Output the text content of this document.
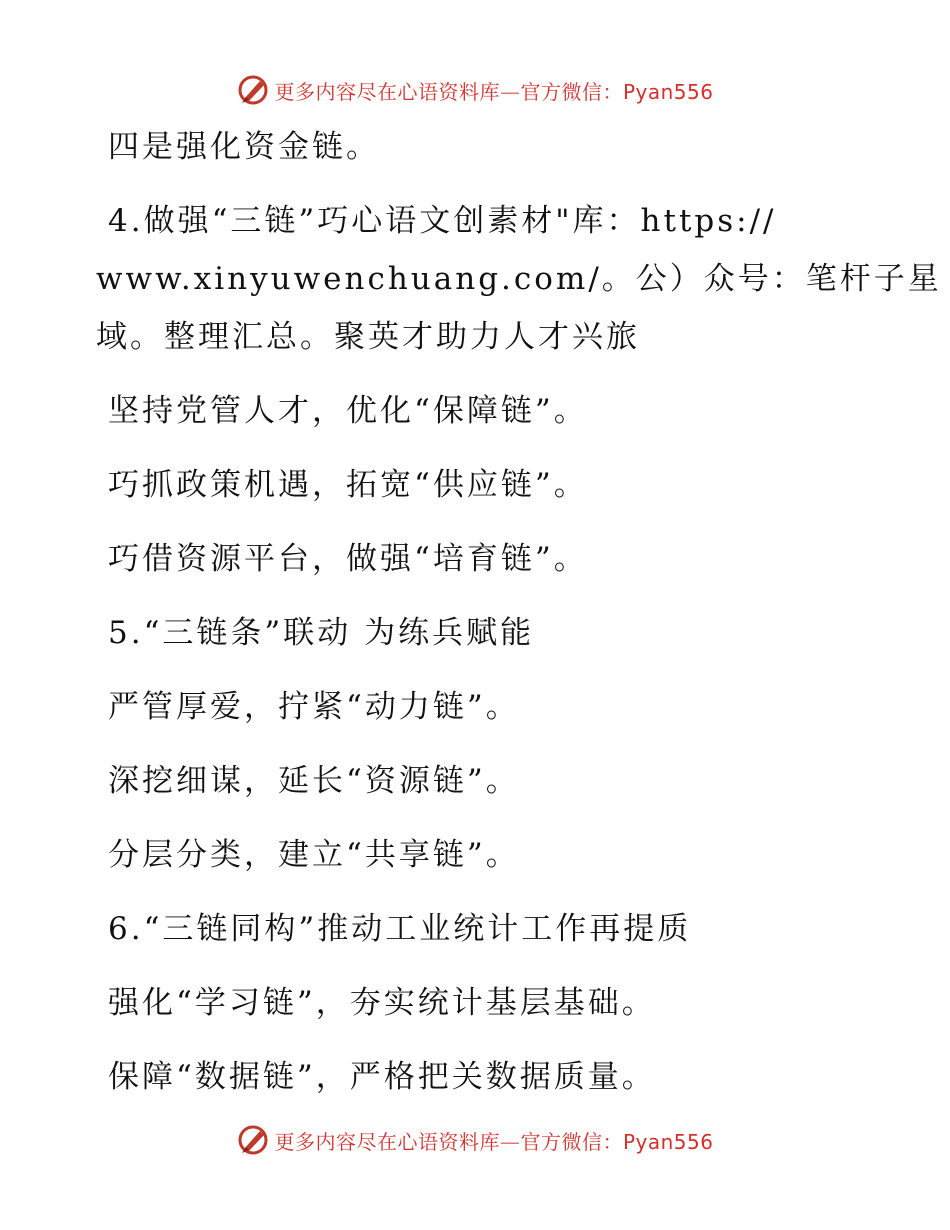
更多内容尽在心语资料库—官方微信：Pyan556
四是强化资金链。
4.做强“三链”巧心语文创素材"库：https://
www.xinyuwenchuang.com/。公）众号：笔杆子星
域。整理汇总。聚英才助力人才兴旅
坚持党管人才，优化“保障链”。
巧抓政策机遇，拓宽“供应链”。
巧借资源平台，做强“培育链”。
5.“三链条”联动 为练兵赋能
严管厚爱，拧紧“动力链”。
深挖细谋，延长“资源链”。
分层分类，建立“共享链”。
6.“三链同构”推动工业统计工作再提质
强化“学习链”，夯实统计基层基础。
保障“数据链”，严格把关数据质量。
更多内容尽在心语资料库—官方微信：Pyan556
